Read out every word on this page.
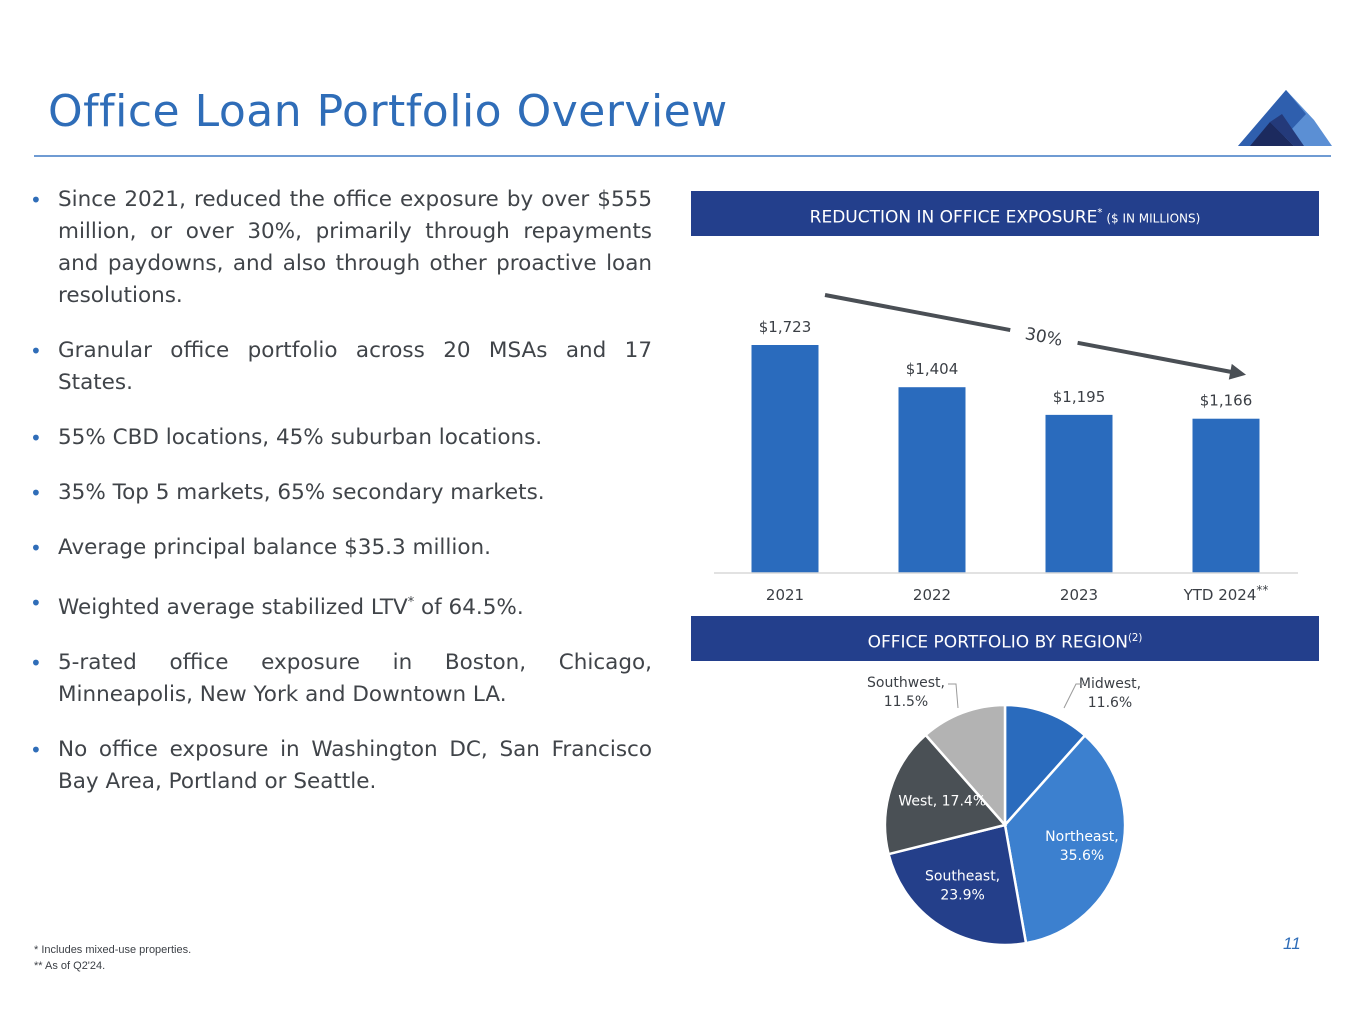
Office Loan Portfolio Overview
• Since 2021, reduced the office exposure by over $555 million, or over 30%, primarily through repayments and paydowns, and also through other proactive loan resolutions.
• Granular office portfolio across 20 MSAs and 17 States.
• 55% CBD locations, 45% suburban locations.
• 35% Top 5 markets, 65% secondary markets.
• Average principal balance $35.3 million.
• Weighted average stabilized LTV* of 64.5%.
• 5-rated office exposure in Boston, Chicago, Minneapolis, New York and Downtown LA.
• No office exposure in Washington DC, San Francisco Bay Area, Portland or Seattle.
REDUCTION IN OFFICE EXPOSURE* ($ IN MILLIONS)
$1,723
2021
$1,404
2022
$1,195
2023
$1,166
YTD 2024**
30%
OFFICE PORTFOLIO BY REGION$^{(2)}$
Northeast, 35.6%
Southeast, 23.9%
West, 17.4%
Midwest, 11.6%
Southwest, 11.5%
* Includes mixed-use properties.
** As of Q2'24.
11
